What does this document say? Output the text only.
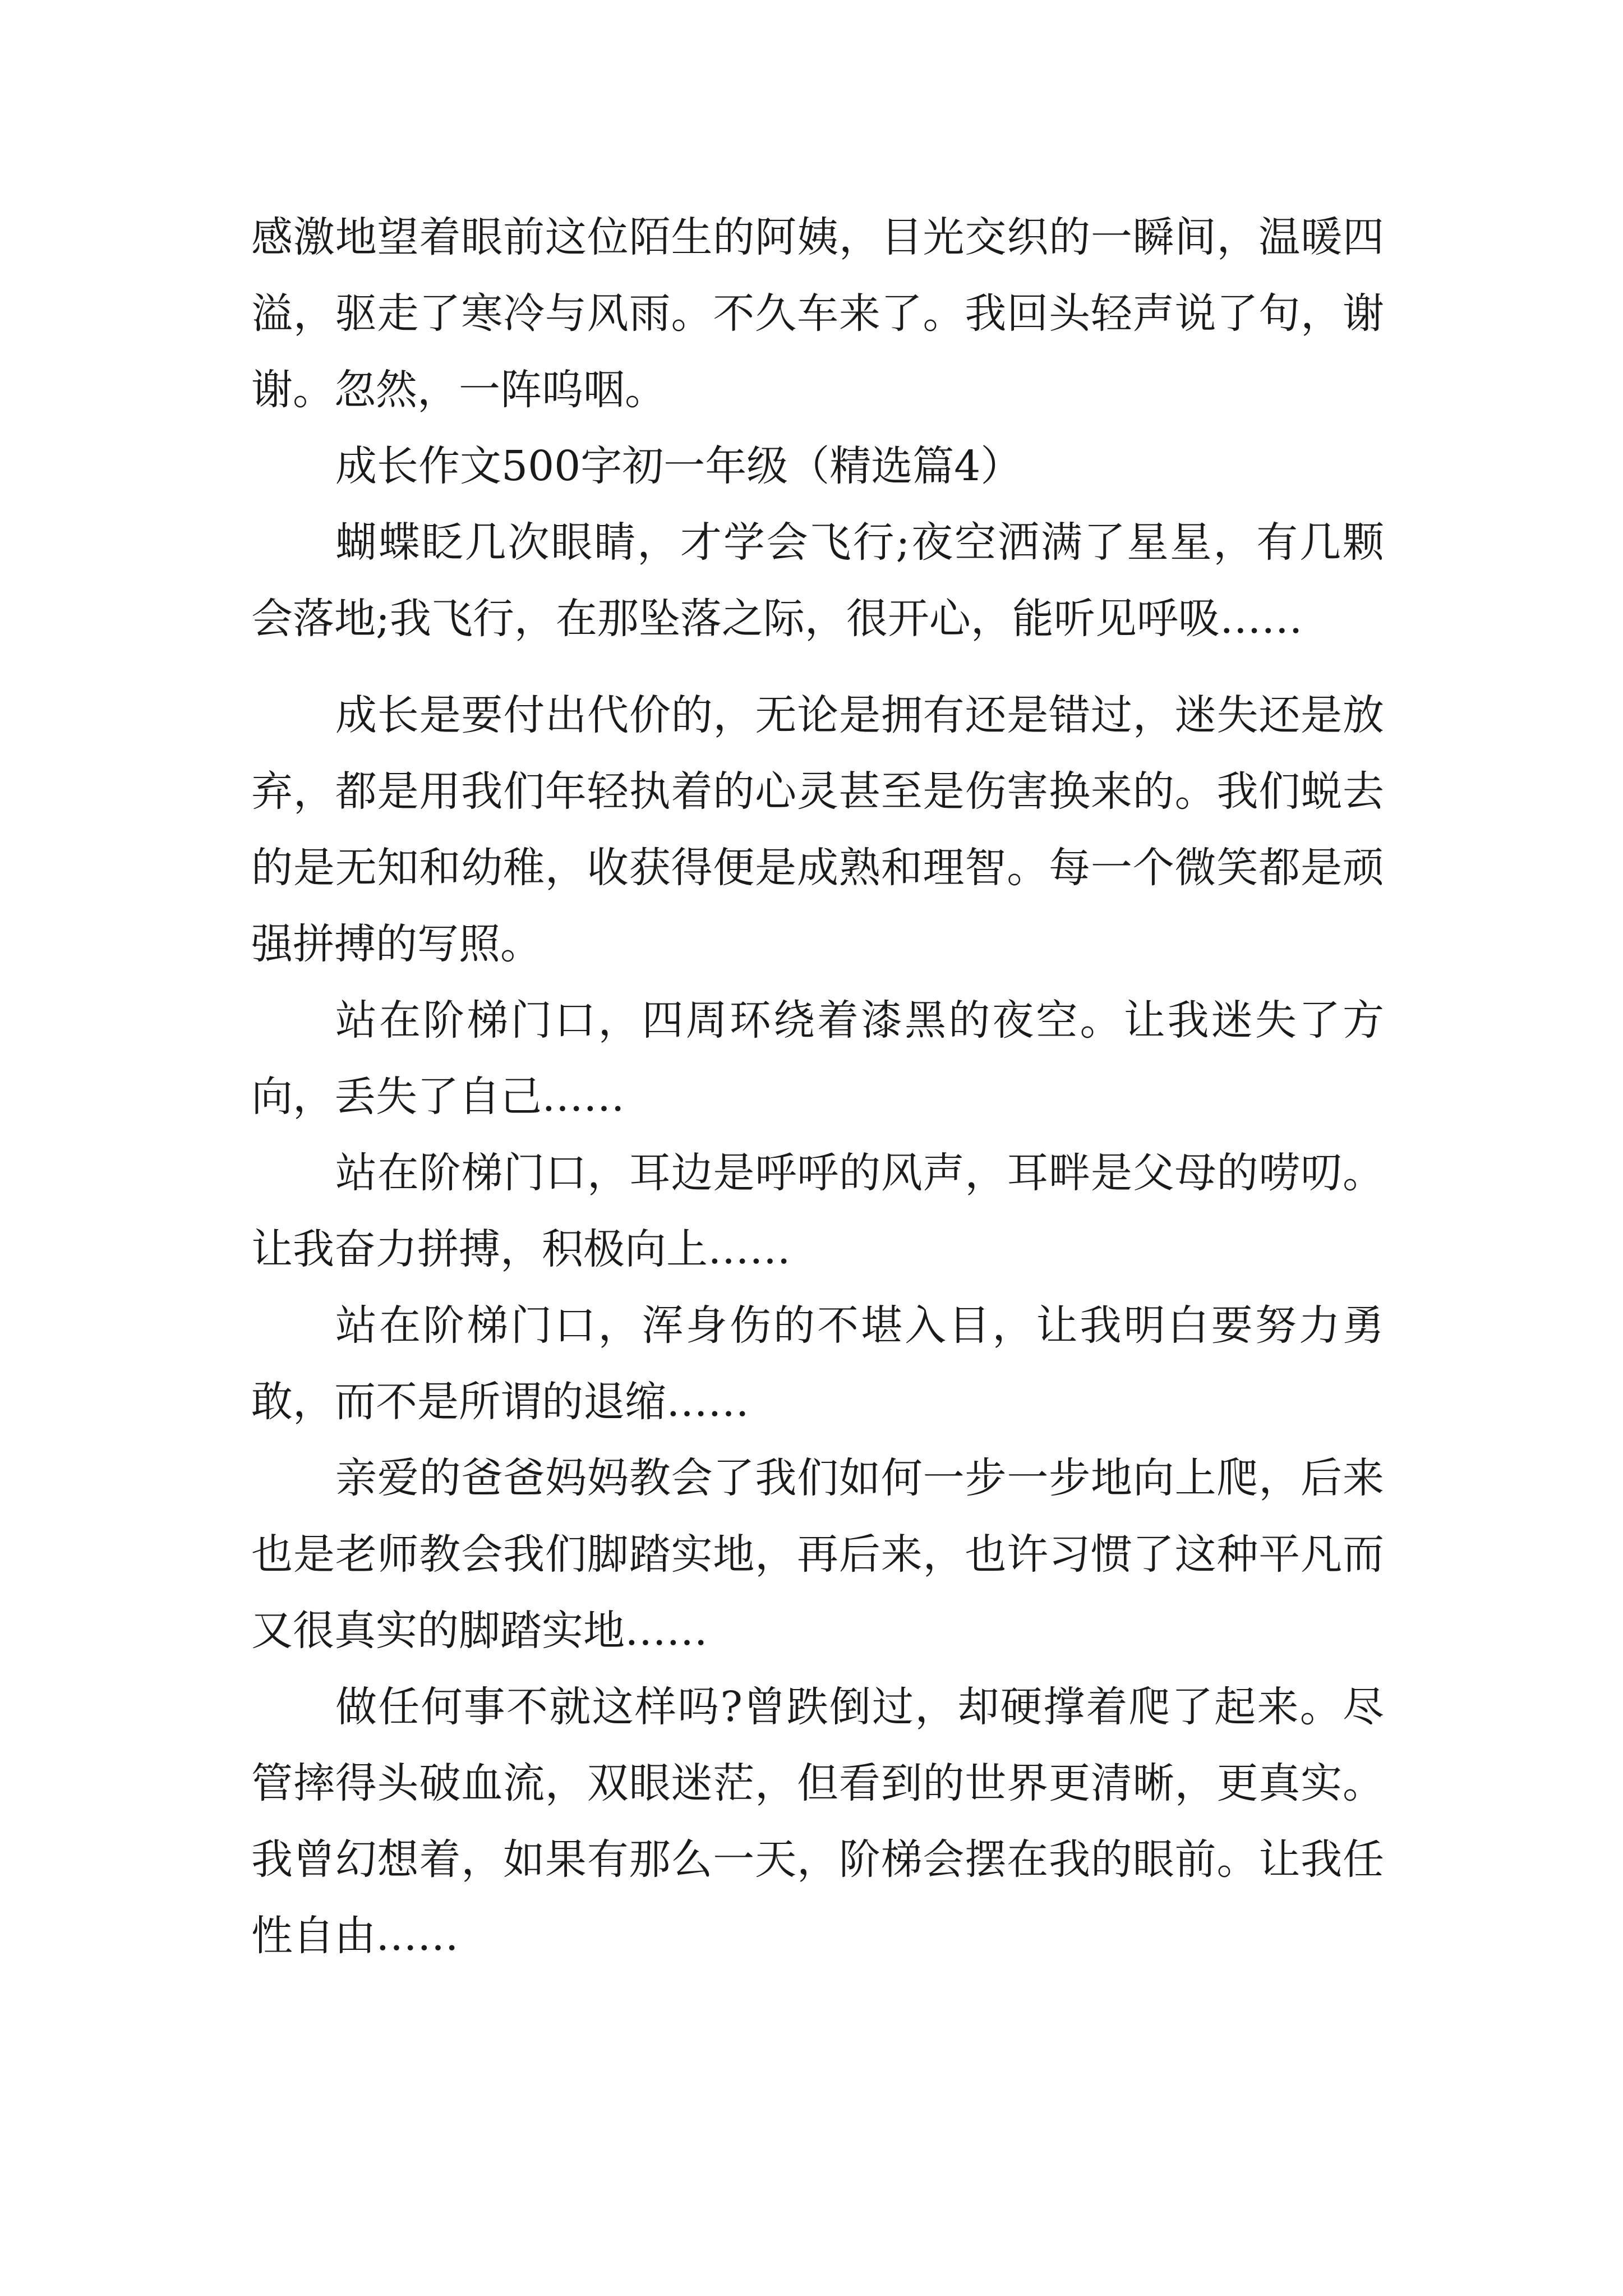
感激地望着眼前这位陌生的阿姨，目光交织的一瞬间，温暖四溢，驱走了寒冷与风雨。不久车来了。我回头轻声说了句，谢谢。忽然，一阵呜咽。

成长作文500字初一年级（精选篇4）

蝴蝶眨几次眼睛，才学会飞行;夜空洒满了星星，有几颗会落地;我飞行，在那坠落之际，很开心，能听见呼吸……

成长是要付出代价的，无论是拥有还是错过，迷失还是放弃，都是用我们年轻执着的心灵甚至是伤害换来的。我们蜕去的是无知和幼稚，收获得便是成熟和理智。每一个微笑都是顽强拼搏的写照。

站在阶梯门口，四周环绕着漆黑的夜空。让我迷失了方向，丢失了自己……

站在阶梯门口，耳边是呼呼的风声，耳畔是父母的唠叨。让我奋力拼搏，积极向上……

站在阶梯门口，浑身伤的不堪入目，让我明白要努力勇敢，而不是所谓的退缩……

亲爱的爸爸妈妈教会了我们如何一步一步地向上爬，后来也是老师教会我们脚踏实地，再后来，也许习惯了这种平凡而又很真实的脚踏实地……

做任何事不就这样吗?曾跌倒过，却硬撑着爬了起来。尽管摔得头破血流，双眼迷茫，但看到的世界更清晰，更真实。我曾幻想着，如果有那么一天，阶梯会摆在我的眼前。让我任性自由……
